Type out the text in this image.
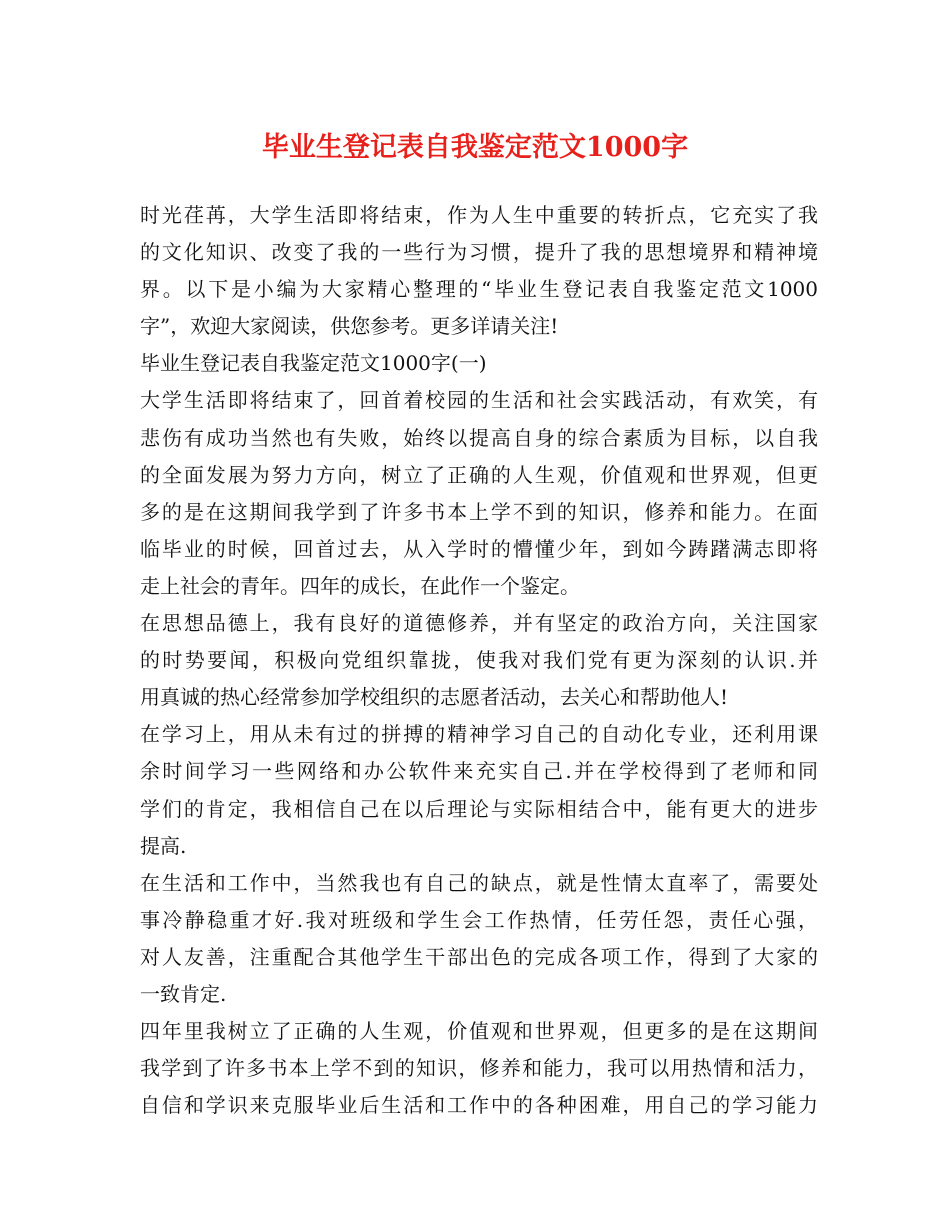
毕业生登记表自我鉴定范文1000字
时光荏苒，大学生活即将结束，作为人生中重要的转折点，它充实了我
的文化知识、改变了我的一些行为习惯，提升了我的思想境界和精神境
界。以下是小编为大家精心整理的“毕业生登记表自我鉴定范文1000
字”，欢迎大家阅读，供您参考。更多详请关注!
毕业生登记表自我鉴定范文1000字(一)
大学生活即将结束了，回首着校园的生活和社会实践活动，有欢笑，有
悲伤有成功当然也有失败，始终以提高自身的综合素质为目标，以自我
的全面发展为努力方向，树立了正确的人生观，价值观和世界观，但更
多的是在这期间我学到了许多书本上学不到的知识，修养和能力。在面
临毕业的时候，回首过去，从入学时的懵懂少年，到如今踌躇满志即将
走上社会的青年。四年的成长，在此作一个鉴定。
在思想品德上，我有良好的道德修养，并有坚定的政治方向，关注国家
的时势要闻，积极向党组织靠拢，使我对我们党有更为深刻的认识.并
用真诚的热心经常参加学校组织的志愿者活动，去关心和帮助他人!
在学习上，用从未有过的拼搏的精神学习自己的自动化专业，还利用课
余时间学习一些网络和办公软件来充实自己.并在学校得到了老师和同
学们的肯定，我相信自己在以后理论与实际相结合中，能有更大的进步
提高.
在生活和工作中，当然我也有自己的缺点，就是性情太直率了，需要处
事冷静稳重才好.我对班级和学生会工作热情，任劳任怨，责任心强，
对人友善，注重配合其他学生干部出色的完成各项工作，得到了大家的
一致肯定.
四年里我树立了正确的人生观，价值观和世界观，但更多的是在这期间
我学到了许多书本上学不到的知识，修养和能力，我可以用热情和活力，
自信和学识来克服毕业后生活和工作中的各种困难，用自己的学习能力
